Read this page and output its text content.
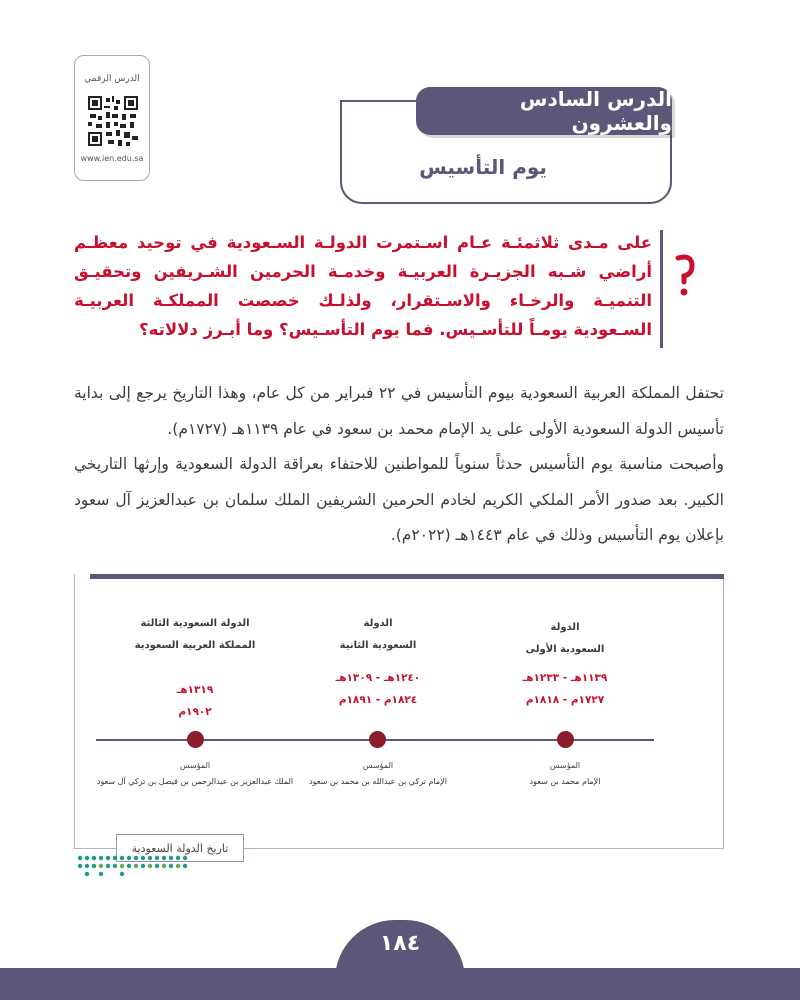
الدرس الرقمي
www.ien.edu.sa
الدرس السادس والعشرون
يوم التأسيس
على مـدى ثلاثمئـة عـام اسـتمرت الدولـة السـعودية في توحيد معظـم أراضي شـبه الجزيـرة العربيـة وخدمـة الحرمين الشـريفين وتحقيـق التنميـة والرخـاء والاسـتقرار، ولذلـك خصصت المملكـة العربيـة السـعودية يومـاً للتأسـيس. فما يوم التأسـيس؟ وما أبـرز دلالاته؟

تحتفل المملكة العربية السعودية بيوم التأسيس في ٢٢ فبراير من كل عام، وهذا التاريخ يرجع إلى بداية تأسيس الدولة السعودية الأولى على يد الإمام محمد بن سعود في عام ١١٣٩هـ (١٧٢٧م).

وأصبحت مناسبة يوم التأسيس حدثاً سنوياً للمواطنين للاحتفاء بعراقة الدولة السعودية وإرثها التاريخي الكبير. بعد صدور الأمر الملكي الكريم لخادم الحرمين الشريفين الملك سلمان بن عبدالعزيز آل سعود بإعلان يوم التأسيس وذلك في عام ١٤٤٣هـ (٢٠٢٢م).

الدولة
السعودية الأولى
١١٣٩هـ - ١٢٣٣هـ
١٧٢٧م - ١٨١٨م
المؤسس
الإمام محمد بن سعود
الدولة
السعودية الثانية
١٢٤٠هـ - ١٣٠٩هـ
١٨٢٤م - ١٨٩١م
المؤسس
الإمام تركي بن عبدالله بن محمد بن سعود
الدولة السعودية الثالثة
المملكة العربية السعودية
١٣١٩هـ
١٩٠٢م
المؤسس
الملك عبدالعزيز بن عبدالرحمن بن فيصل بن تركي آل سعود
تاريخ الدولة السعودية
١٨٤
